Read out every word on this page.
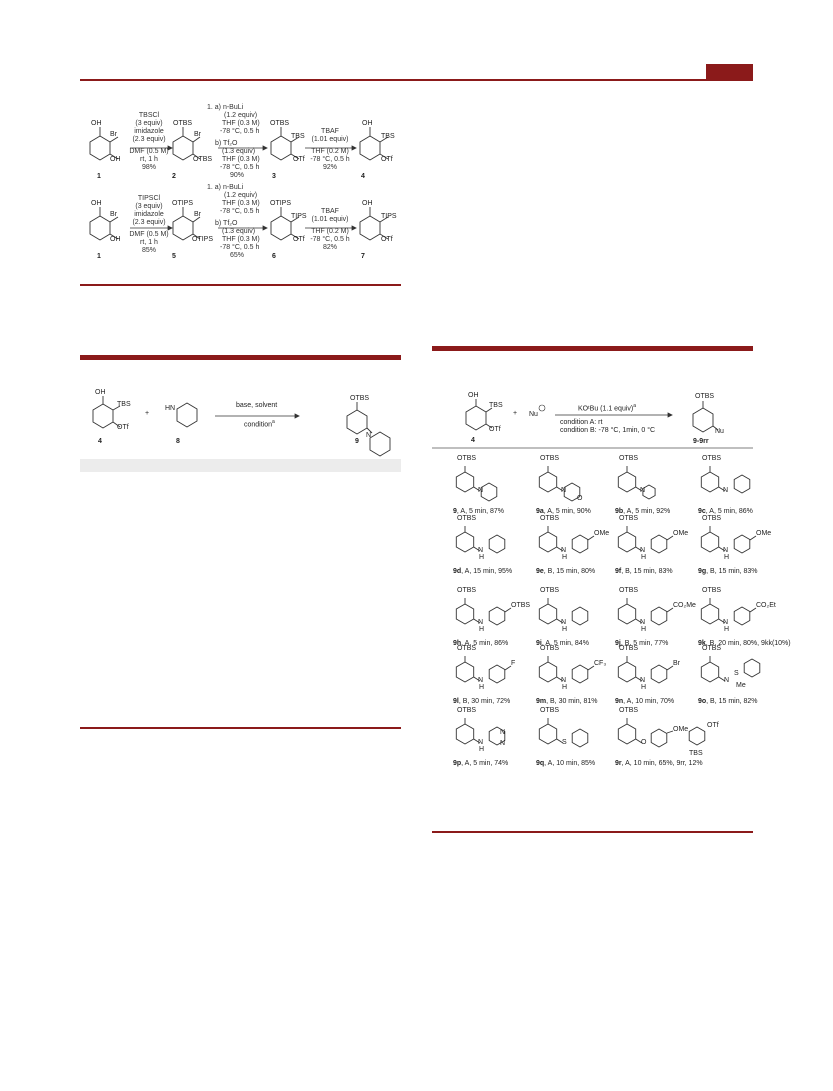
OH
Br
OH
1
TBSCl
(3 equiv)
imidazole
(2.3 equiv)
DMF (0.5 M)
rt, 1 h
98%
OTBS
Br
OTBS
2
1. a) n-BuLi
(1.2 equiv)
THF (0.3 M)
-78 °C, 0.5 h
b) Tf₂O
(1.3 equiv)
THF (0.3 M)
-78 °C, 0.5 h
90%
OTBS
TBS
OTf
3
TBAF
(1.01 equiv)
THF (0.2 M)
-78 °C, 0.5 h
92%
OH
TBS
OTf
4
OH
Br
OH
1
TIPSCl
(3 equiv)
imidazole
(2.3 equiv)
DMF (0.5 M)
rt, 1 h
85%
OTIPS
Br
OTIPS
5
1. a) n-BuLi
(1.2 equiv)
THF (0.3 M)
-78 °C, 0.5 h
b) Tf₂O
(1.3 equiv)
THF (0.3 M)
-78 °C, 0.5 h
65%
OTIPS
TIPS
OTf
6
TBAF
(1.01 equiv)
THF (0.2 M)
-78 °C, 0.5 h
82%
OH
TIPS
OTf
7
OH
TBS
OTf
4
+
HN
8
base, solvent
condition$^a$
OTBS
N
9
OH
TBS
OTf
4
+ Nu
KOᵗBu (1.1 equiv)$^a$
condition A: rt
condition B: -78 °C, 1min, 0 °C
OTBS
Nu
9-9rr
OTBS
N
9, A, 5 min, 87%
OTBS
N
O
9a, A, 5 min, 90%
OTBS
N
9b, A, 5 min, 92%
OTBS
N
9c, A, 5 min, 86%
OTBS
N
H
9d, A, 15 min, 95%
OTBS
N
H
OMe
9e, B, 15 min, 80%
OTBS
N
H
OMe
9f, B, 15 min, 83%
OTBS
N
H
OMe
9g, B, 15 min, 83%
OTBS
N
H
OTBS
9h, A, 5 min, 86%
OTBS
N
H
9i, A, 5 min, 84%
OTBS
N
H
CO₂Me
9j, B, 5 min, 77%
OTBS
N
H
CO₂Et
9k, B, 20 min, 80%, 9kk(10%)
OTBS
N
H
F
9l, B, 30 min, 72%
OTBS
N
H
CF₃
9m, B, 30 min, 81%
OTBS
N
H
Br
9n, A, 10 min, 70%
OTBS
N
S
Me
9o, B, 15 min, 82%
OTBS
N
H
N
N
9p, A, 5 min, 74%
OTBS
S
9q, A, 10 min, 85%
OTBS
O
OMe
9r, A, 10 min, 65%, 9rr, 12%
OTf
TBS
